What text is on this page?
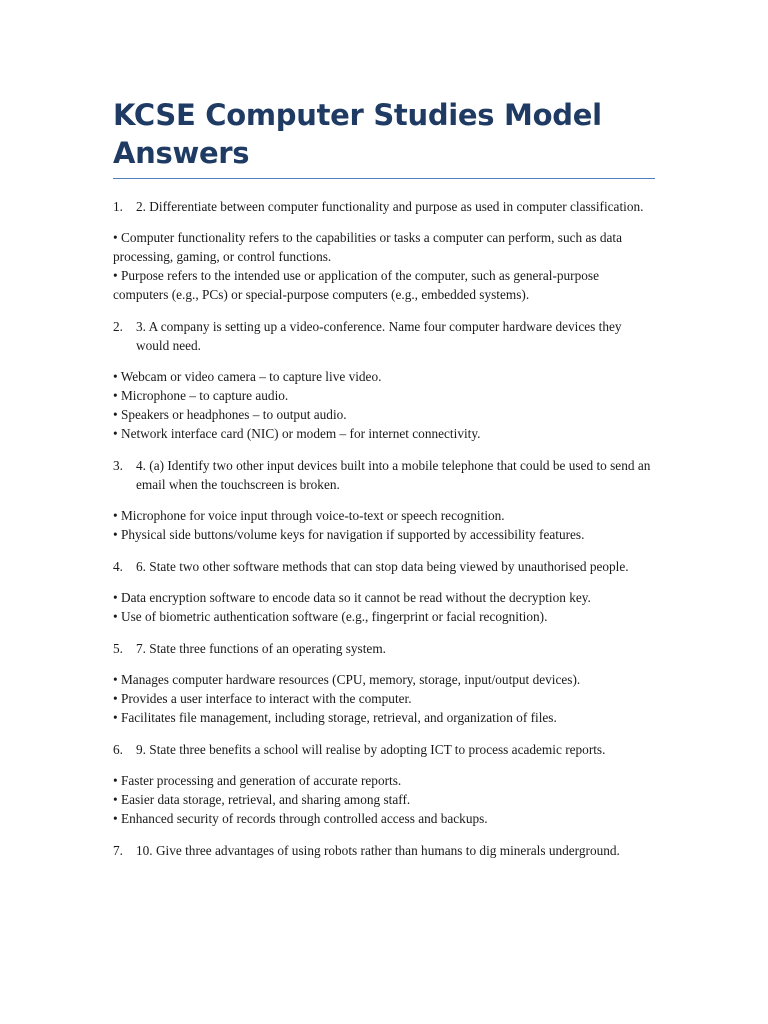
KCSE Computer Studies Model Answers
1. 2. Differentiate between computer functionality and purpose as used in computer classification.
• Computer functionality refers to the capabilities or tasks a computer can perform, such as data processing, gaming, or control functions.
• Purpose refers to the intended use or application of the computer, such as general-purpose computers (e.g., PCs) or special-purpose computers (e.g., embedded systems).
2. 3. A company is setting up a video-conference. Name four computer hardware devices they would need.
• Webcam or video camera – to capture live video.
• Microphone – to capture audio.
• Speakers or headphones – to output audio.
• Network interface card (NIC) or modem – for internet connectivity.
3. 4. (a) Identify two other input devices built into a mobile telephone that could be used to send an email when the touchscreen is broken.
• Microphone for voice input through voice-to-text or speech recognition.
• Physical side buttons/volume keys for navigation if supported by accessibility features.
4. 6. State two other software methods that can stop data being viewed by unauthorised people.
• Data encryption software to encode data so it cannot be read without the decryption key.
• Use of biometric authentication software (e.g., fingerprint or facial recognition).
5. 7. State three functions of an operating system.
• Manages computer hardware resources (CPU, memory, storage, input/output devices).
• Provides a user interface to interact with the computer.
• Facilitates file management, including storage, retrieval, and organization of files.
6. 9. State three benefits a school will realise by adopting ICT to process academic reports.
• Faster processing and generation of accurate reports.
• Easier data storage, retrieval, and sharing among staff.
• Enhanced security of records through controlled access and backups.
7. 10. Give three advantages of using robots rather than humans to dig minerals underground.
